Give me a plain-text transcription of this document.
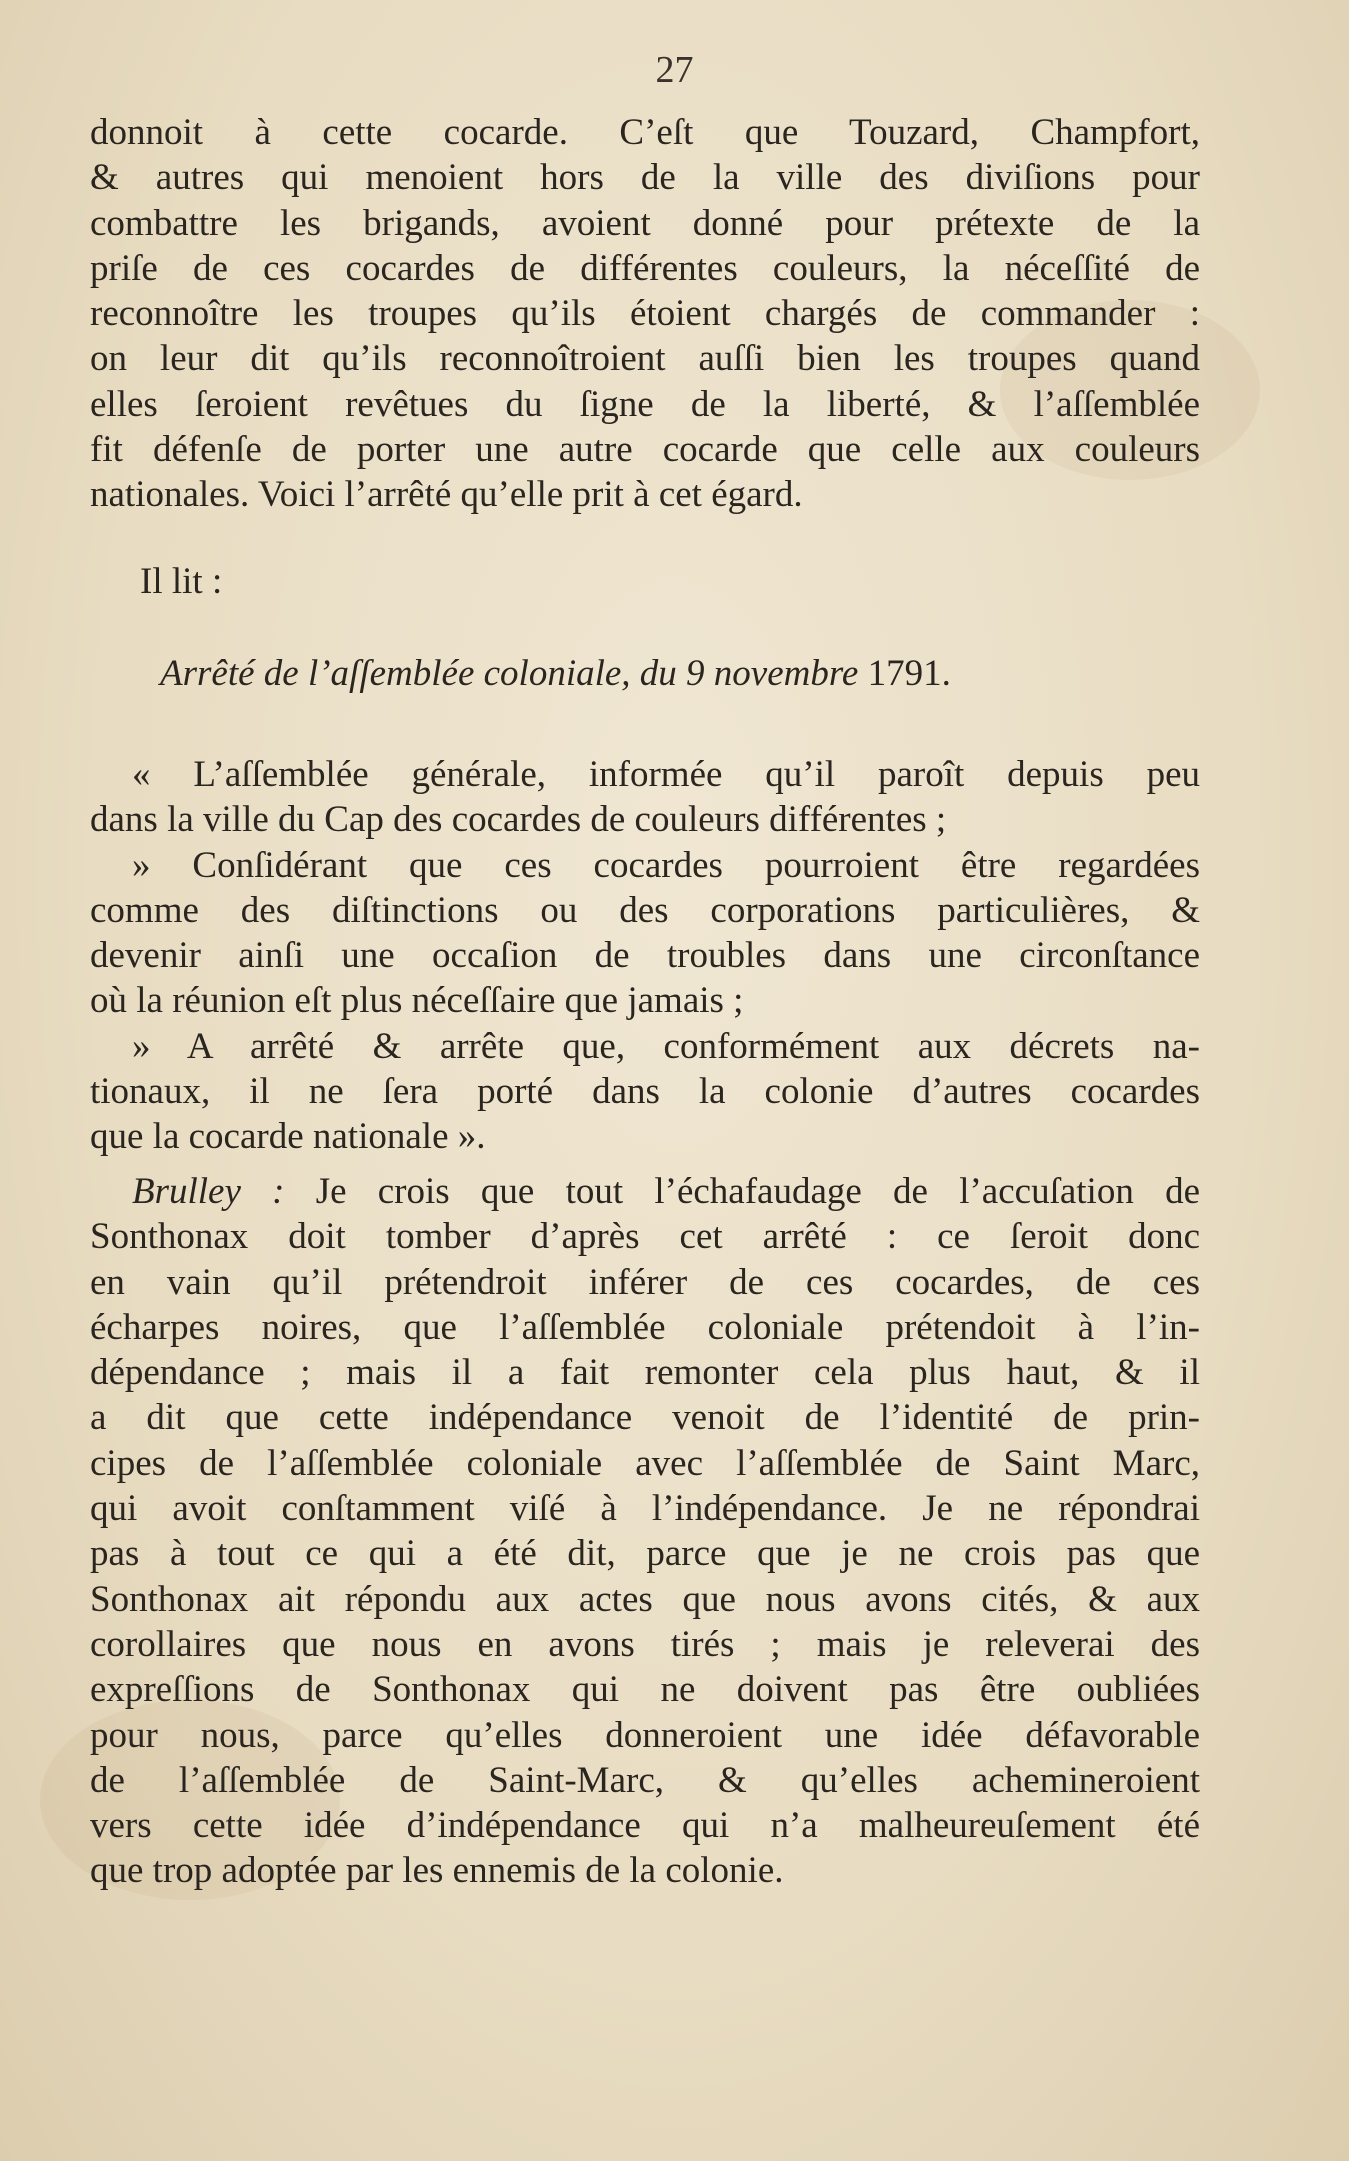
27
donnoit à cette cocarde. C’eſt que Touzard, Champfort,
& autres qui menoient hors de la ville des diviſions pour
combattre les brigands, avoient donné pour prétexte de la
priſe de ces cocardes de différentes couleurs, la néceſſité de
reconnoître les troupes qu’ils étoient chargés de commander :
on leur dit qu’ils reconnoîtroient auſſi bien les troupes quand
elles ſeroient revêtues du ſigne de la liberté, & l’aſſemblée
fit défenſe de porter une autre cocarde que celle aux couleurs
nationales. Voici l’arrêté qu’elle prit à cet égard.
Il lit :
Arrêté de l’aſſemblée coloniale, du 9 novembre 1791.
« L’aſſemblée générale, informée qu’il paroît depuis peu
dans la ville du Cap des cocardes de couleurs différentes ;
» Conſidérant que ces cocardes pourroient être regardées
comme des diſtinctions ou des corporations particulières, &
devenir ainſi une occaſion de troubles dans une circonſtance
où la réunion eſt plus néceſſaire que jamais ;
» A arrêté & arrête que, conformément aux décrets na-
tionaux, il ne ſera porté dans la colonie d’autres cocardes
que la cocarde nationale ».
Brulley : Je crois que tout l’échafaudage de l’accuſation de
Sonthonax doit tomber d’après cet arrêté : ce ſeroit donc
en vain qu’il prétendroit inférer de ces cocardes, de ces
écharpes noires, que l’aſſemblée coloniale prétendoit à l’in-
dépendance ; mais il a fait remonter cela plus haut, & il
a dit que cette indépendance venoit de l’identité de prin-
cipes de l’aſſemblée coloniale avec l’aſſemblée de Saint Marc,
qui avoit conſtamment viſé à l’indépendance. Je ne répondrai
pas à tout ce qui a été dit, parce que je ne crois pas que
Sonthonax ait répondu aux actes que nous avons cités, & aux
corollaires que nous en avons tirés ; mais je releverai des
expreſſions de Sonthonax qui ne doivent pas être oubliées
pour nous, parce qu’elles donneroient une idée défavorable
de l’aſſemblée de Saint-Marc, & qu’elles achemineroient
vers cette idée d’indépendance qui n’a malheureuſement été
que trop adoptée par les ennemis de la colonie.
